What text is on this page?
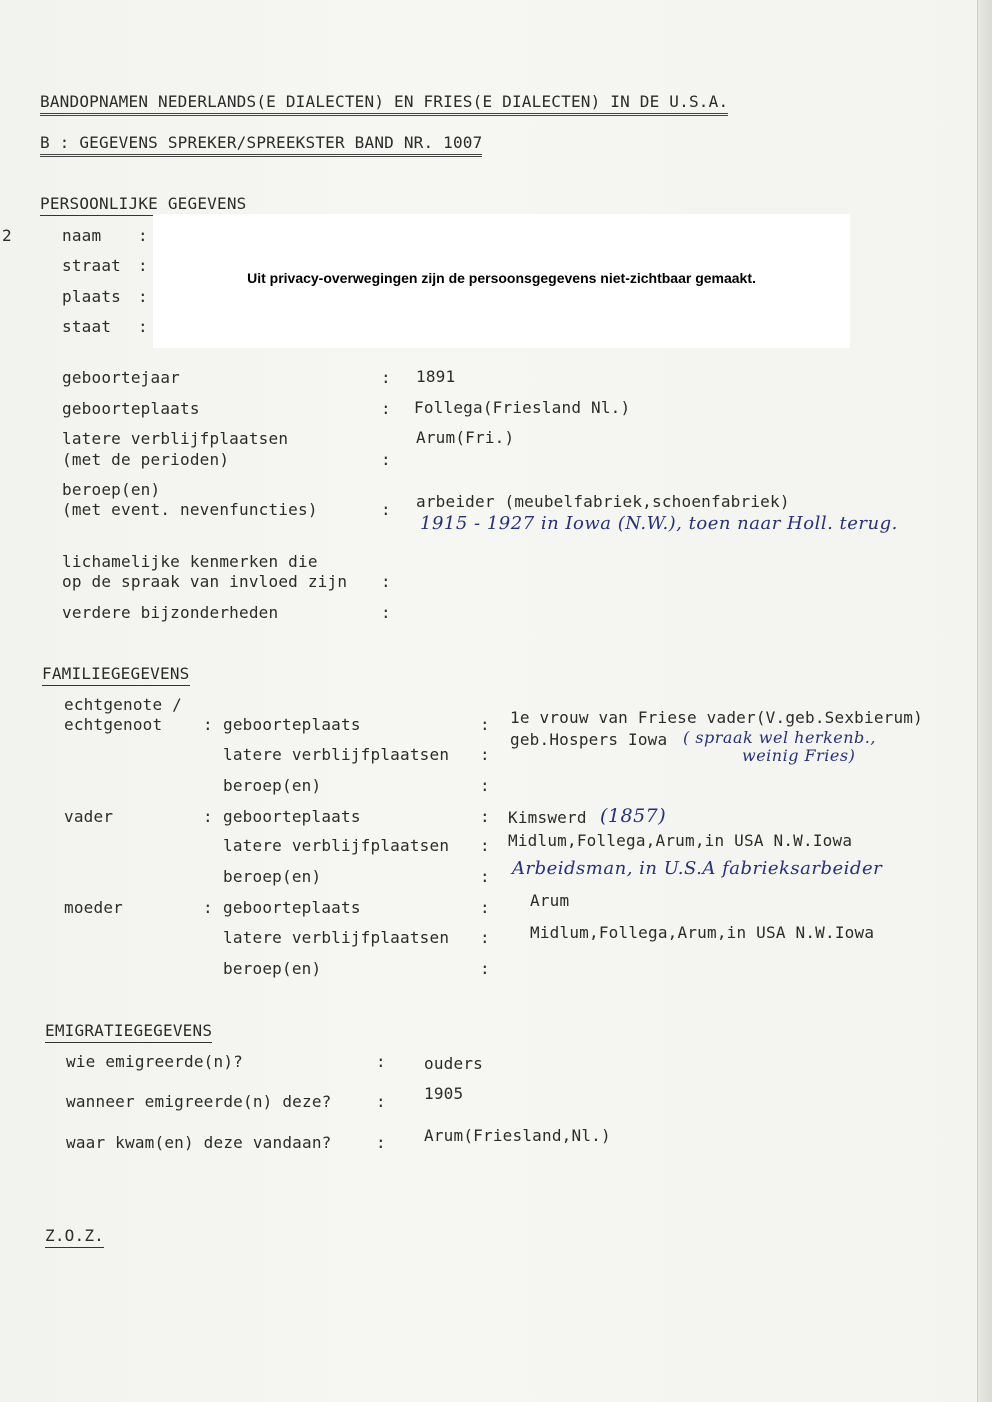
BANDOPNAMEN NEDERLANDS(E DIALECTEN) EN FRIES(E DIALECTEN) IN DE U.S.A.
B : GEGEVENS SPREKER/SPREEKSTER BAND NR. 1007
PERSOONLIJKE GEGEVENS
2	naam :
straat :
plaats :
staat :
Uit privacy-overwegingen zijn de persoonsgegevens niet-zichtbaar gemaakt.
geboortejaar	: 1891
geboorteplaats	: Follega(Friesland Nl.)
latere verblijfplaatsen
(met de perioden)	:
Arum(Fri.)
beroep(en)
(met event. nevenfuncties)	: arbeider (meubelfabriek,schoenfabriek)
1915 - 1927 in Iowa (N.W.), toen naar Holl. terug.
lichamelijke kenmerken die
op de spraak van invloed zijn :
verdere bijzonderheden	:
FAMILIEGEGEVENS
echtgenote /
echtgenoot	: geboorteplaats	: 1e vrouw van Friese vader(V.geb.Sexbierum)
geb.Hospers Iowa ( spraak wel herkenb.,
weinig Fries)
latere verblijfplaatsen :
beroep(en)	:
vader	: geboorteplaats	: Kimswerd (1857)
latere verblijfplaatsen : Midlum,Follega,Arum,in USA N.W.Iowa
beroep(en)	: Arbeidsman, in U.S.A fabrieksarbeider
moeder	: geboorteplaats	:	Arum
latere verblijfplaatsen :	Midlum,Follega,Arum,in USA N.W.Iowa
beroep(en)	:
EMIGRATIEGEGEVENS
wie emigreerde(n)?	: ouders
wanneer emigreerde(n) deze?	: 1905
waar kwam(en) deze vandaan?	: Arum(Friesland,Nl.)
Z.O.Z.
